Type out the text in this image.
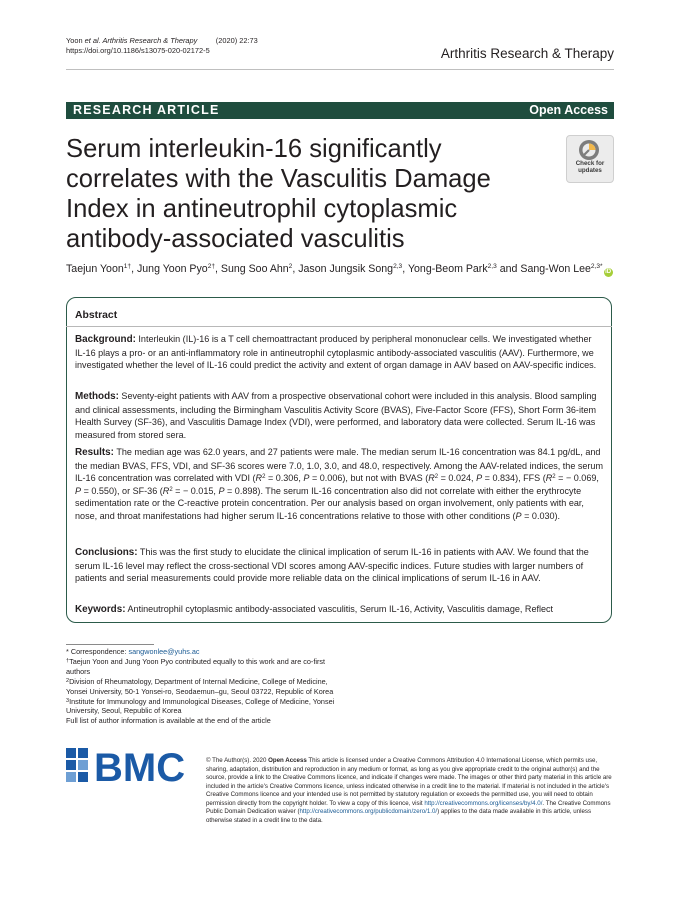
Yoon et al. Arthritis Research & Therapy         (2020) 22:73
https://doi.org/10.1186/s13075-020-02172-5	Arthritis Research & Therapy
RESEARCH ARTICLE	Open Access
Serum interleukin-16 significantly correlates with the Vasculitis Damage Index in antineutrophil cytoplasmic antibody-associated vasculitis
Check for
updates
Taejun Yoon$^{1\dagger}$, Jung Yoon Pyo$^{2\dagger}$, Sung Soo Ahn$^2$, Jason Jungsik Song$^{2,3}$, Yong-Beom Park$^{2,3}$ and Sang-Won Lee$^{2,3*}$iD
Abstract
Background: Interleukin (IL)-16 is a T cell chemoattractant produced by peripheral mononuclear cells. We investigated whether IL-16 plays a pro- or an anti-inflammatory role in antineutrophil cytoplasmic antibody-associated vasculitis (AAV). Furthermore, we investigated whether the level of IL-16 could predict the activity and extent of organ damage in AAV based on AAV-specific indices.
Methods: Seventy-eight patients with AAV from a prospective observational cohort were included in this analysis. Blood sampling and clinical assessments, including the Birmingham Vasculitis Activity Score (BVAS), Five-Factor Score (FFS), Short Form 36-item Health Survey (SF-36), and Vasculitis Damage Index (VDI), were performed, and laboratory data were collected. Serum IL-16 was measured from stored sera.
Results: The median age was 62.0 years, and 27 patients were male. The median serum IL-16 concentration was 84.1 pg/dL, and the median BVAS, FFS, VDI, and SF-36 scores were 7.0, 1.0, 3.0, and 48.0, respectively. Among the AAV-related indices, the serum IL-16 concentration was correlated with VDI ($R^2 = 0.306$, P = 0.006), but not with BVAS ($R^2 = 0.024$, P = 0.834), FFS ($R^2$ = − 0.069, P = 0.550), or SF-36 ($R^2$ = − 0.015, P = 0.898). The serum IL-16 concentration also did not correlate with either the erythrocyte sedimentation rate or the C-reactive protein concentration. Per our analysis based on organ involvement, only patients with ear, nose, and throat manifestations had higher serum IL-16 concentrations relative to those with other conditions (P = 0.030).
Conclusions: This was the first study to elucidate the clinical implication of serum IL-16 in patients with AAV. We found that the serum IL-16 level may reflect the cross-sectional VDI scores among AAV-specific indices. Future studies with larger numbers of patients and serial measurements could provide more reliable data on the clinical implications of serum IL-16 in AAV.
Keywords: Antineutrophil cytoplasmic antibody-associated vasculitis, Serum IL-16, Activity, Vasculitis damage, Reflect
* Correspondence: sangwonlee@yuhs.ac
†Taejun Yoon and Jung Yoon Pyo contributed equally to this work and are co-first authors
$^2$Division of Rheumatology, Department of Internal Medicine, College of Medicine, Yonsei University, 50-1 Yonsei-ro, Seodaemun–gu, Seoul 03722, Republic of Korea
$^3$Institute for Immunology and Immunological Diseases, College of Medicine, Yonsei University, Seoul, Republic of Korea
Full list of author information is available at the end of the article
BMC	© The Author(s). 2020 Open Access This article is licensed under a Creative Commons Attribution 4.0 International License, which permits use, sharing, adaptation, distribution and reproduction in any medium or format, as long as you give appropriate credit to the original author(s) and the source, provide a link to the Creative Commons licence, and indicate if changes were made. The images or other third party material in this article are included in the article's Creative Commons licence, unless indicated otherwise in a credit line to the material. If material is not included in the article's Creative Commons licence and your intended use is not permitted by statutory regulation or exceeds the permitted use, you will need to obtain permission directly from the copyright holder. To view a copy of this licence, visit http://creativecommons.org/licenses/by/4.0/. The Creative Commons Public Domain Dedication waiver (http://creativecommons.org/publicdomain/zero/1.0/) applies to the data made available in this article, unless otherwise stated in a credit line to the data.
